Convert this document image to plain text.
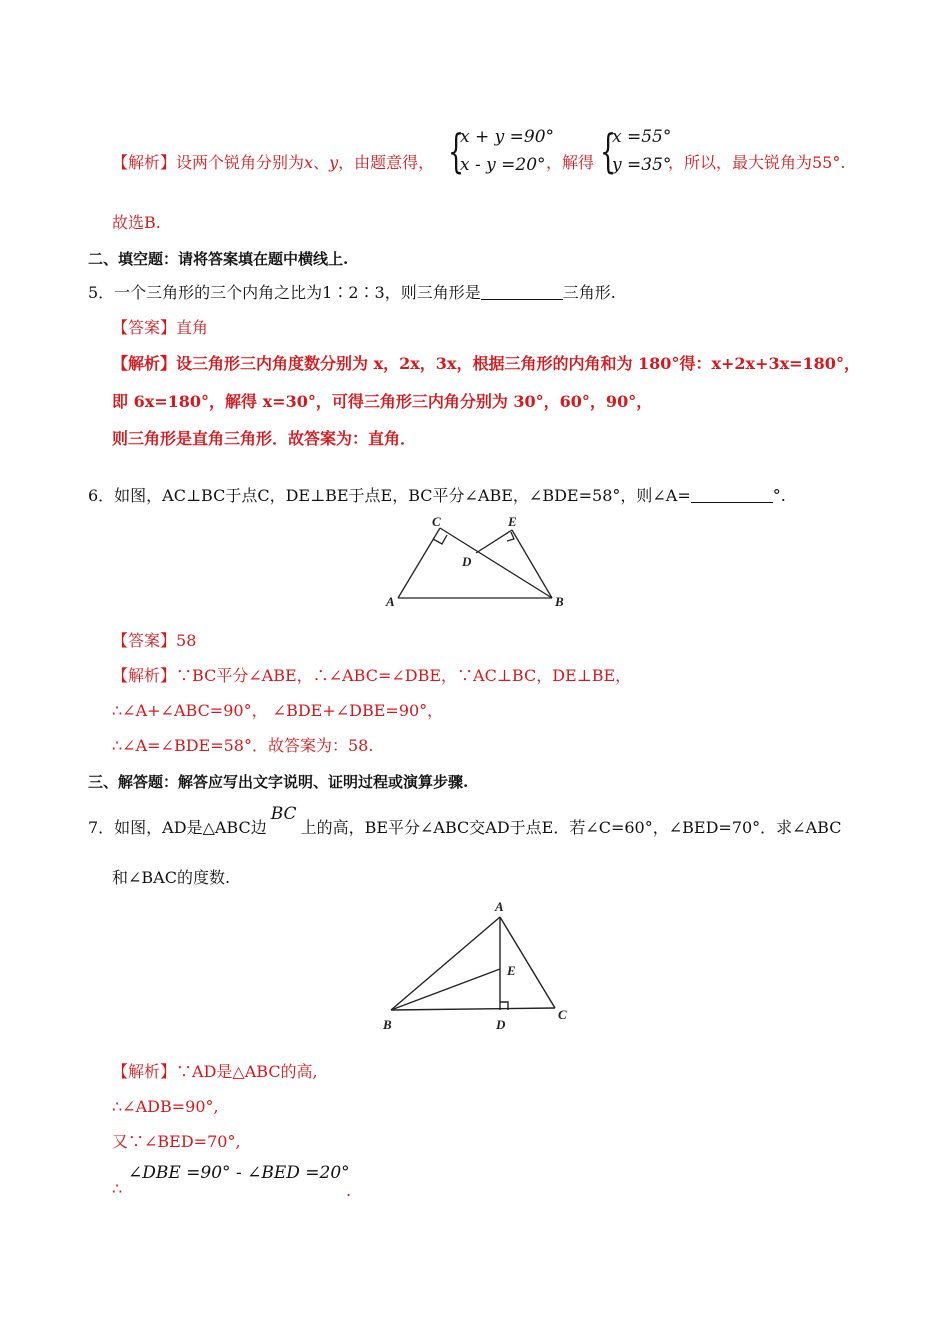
【解析】设两个锐角分别为x、y，由题意得， {
x + y =90°
x - y =20° ，解得 {
x =55°
y =35°
，所以，最大锐角为55°.
故选B.
二、填空题：请将答案填在题中横线上.
5．一个三角形的三个内角之比为1∶2∶3，则三角形是	三角形.
【答案】直角
【解析】设三角形三内角度数分别为 x，2x，3x，根据三角形的内角和为 180°得：x+2x+3x=180°，
即 6x=180°，解得 x=30°，可得三角形三内角分别为 30°，60°，90°，
则三角形是直角三角形．故答案为：直角．
6．如图，AC⊥BC于点C，DE⊥BE于点E，BC平分∠ABE，∠BDE=58°，则∠A=	°.
A	B
C
D
E
【答案】58
【解析】∵BC平分∠ABE，∴∠ABC=∠DBE，∵AC⊥BC，DE⊥BE，
∴∠A+∠ABC=90°， ∠BDE+∠DBE=90°，
∴∠A=∠BDE=58°．故答案为：58.
三、解答题：解答应写出文字说明、证明过程或演算步骤.
7．如图，AD是△ABC边BC上的高，BE平分∠ABC交AD于点E．若∠C=60°，∠BED=70°．求∠ABC
和∠BAC的度数.
A
B
C
D
E
【解析】∵AD是△ABC的高,
∴∠ADB=90°,
又∵∠BED=70°,
∴
∠DBE =90° - ∠BED =20°
.
